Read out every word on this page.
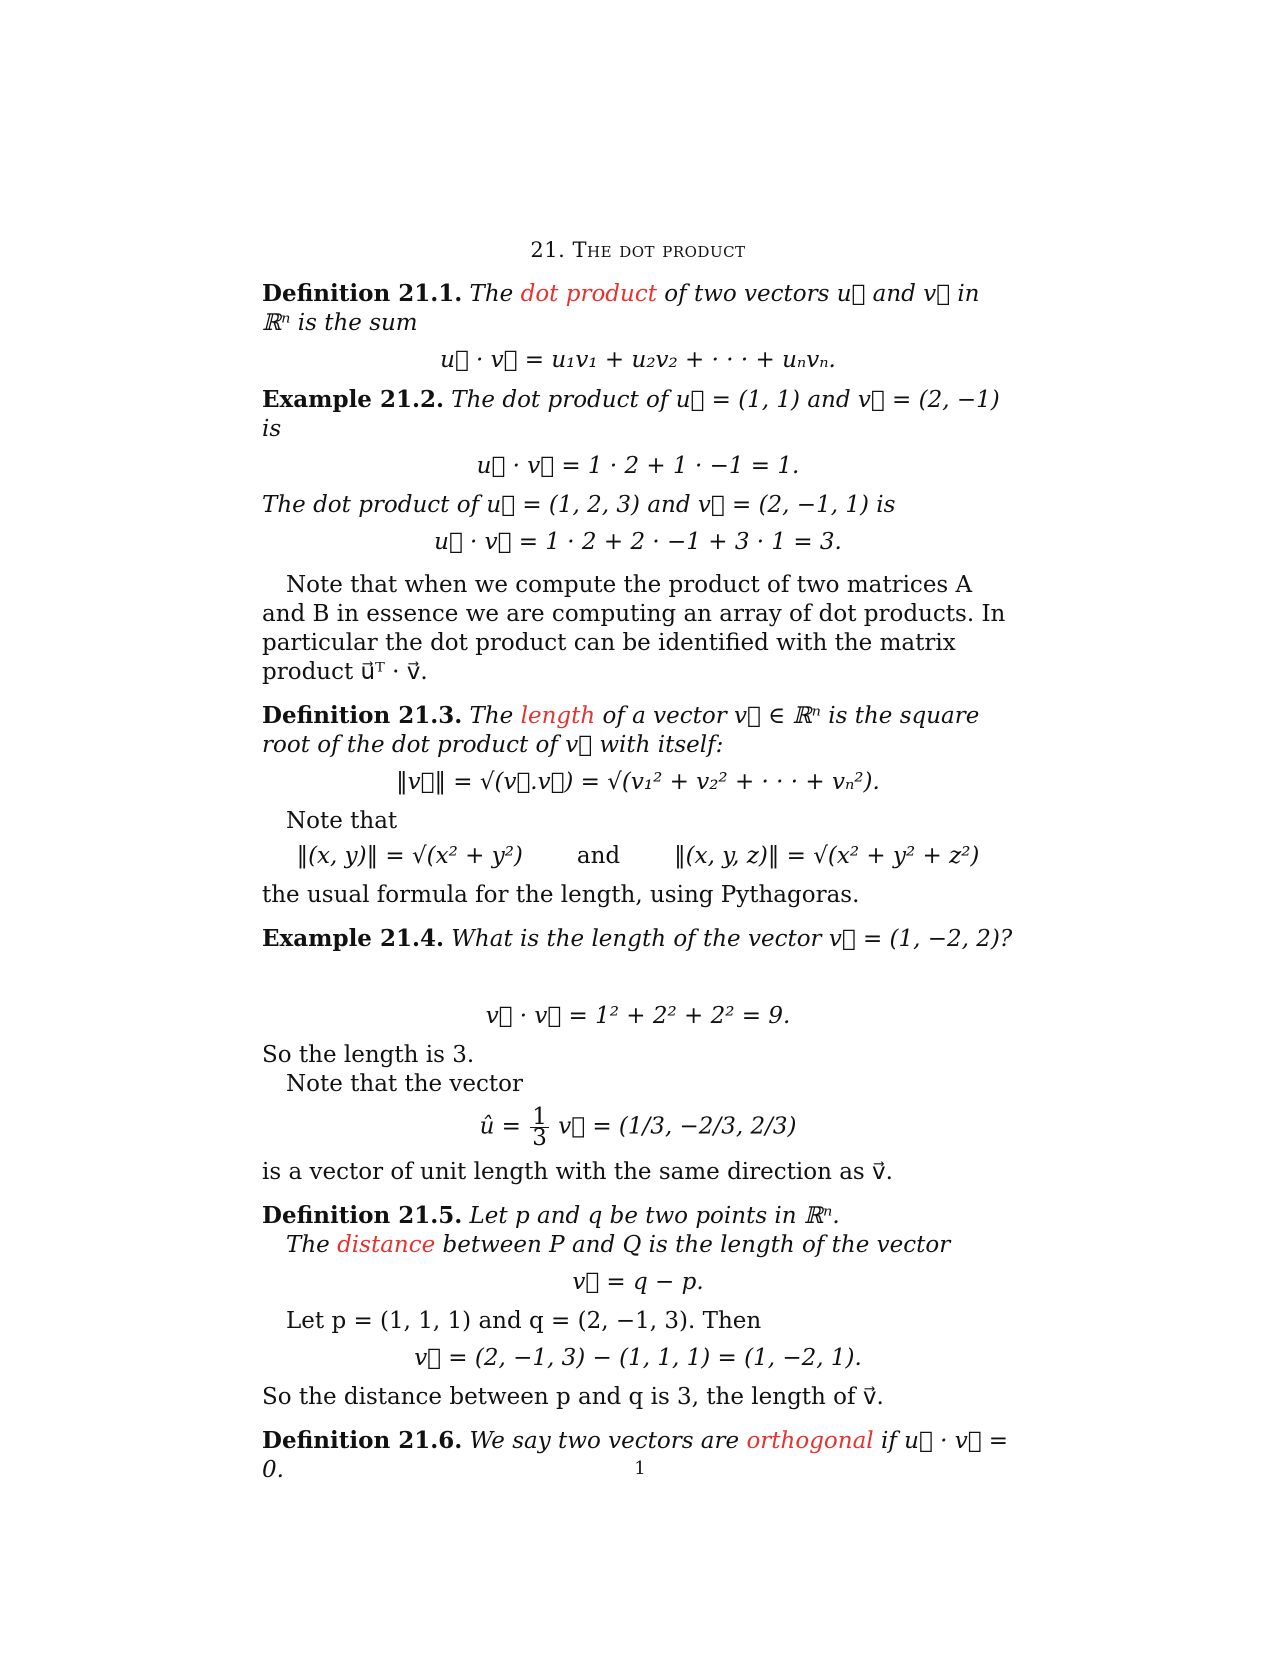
21. The dot product

Definition 21.1. The dot product of two vectors u⃗ and v⃗ in ℝⁿ is the sum

u⃗ · v⃗ = u₁v₁ + u₂v₂ + · · · + uₙvₙ.

Example 21.2. The dot product of u⃗ = (1, 1) and v⃗ = (2, −1) is

u⃗ · v⃗ = 1 · 2 + 1 · −1 = 1.

The dot product of u⃗ = (1, 2, 3) and v⃗ = (2, −1, 1) is

u⃗ · v⃗ = 1 · 2 + 2 · −1 + 3 · 1 = 3.

Note that when we compute the product of two matrices A and B in essence we are computing an array of dot products. In particular the dot product can be identified with the matrix product u⃗ᵀ · v⃗.

Definition 21.3. The length of a vector v⃗ ∈ ℝⁿ is the square root of the dot product of v⃗ with itself:

‖v⃗‖ = √(v⃗.v⃗) = √(v₁² + v₂² + · · · + vₙ²).

Note that

‖(x, y)‖ = √(x² + y²) and ‖(x, y, z)‖ = √(x² + y² + z²)

the usual formula for the length, using Pythagoras.

Example 21.4. What is the length of the vector v⃗ = (1, −2, 2)?

v⃗ · v⃗ = 1² + 2² + 2² = 9.

So the length is 3.

Note that the vector

û = $\frac{1}{3}$ v⃗ = (1/3, −2/3, 2/3)

is a vector of unit length with the same direction as v⃗.

Definition 21.5. Let p and q be two points in ℝⁿ.

The distance between P and Q is the length of the vector

v⃗ = q − p.

Let p = (1, 1, 1) and q = (2, −1, 3). Then

v⃗ = (2, −1, 3) − (1, 1, 1) = (1, −2, 1).

So the distance between p and q is 3, the length of v⃗.

Definition 21.6. We say two vectors are orthogonal if u⃗ · v⃗ = 0.	1
